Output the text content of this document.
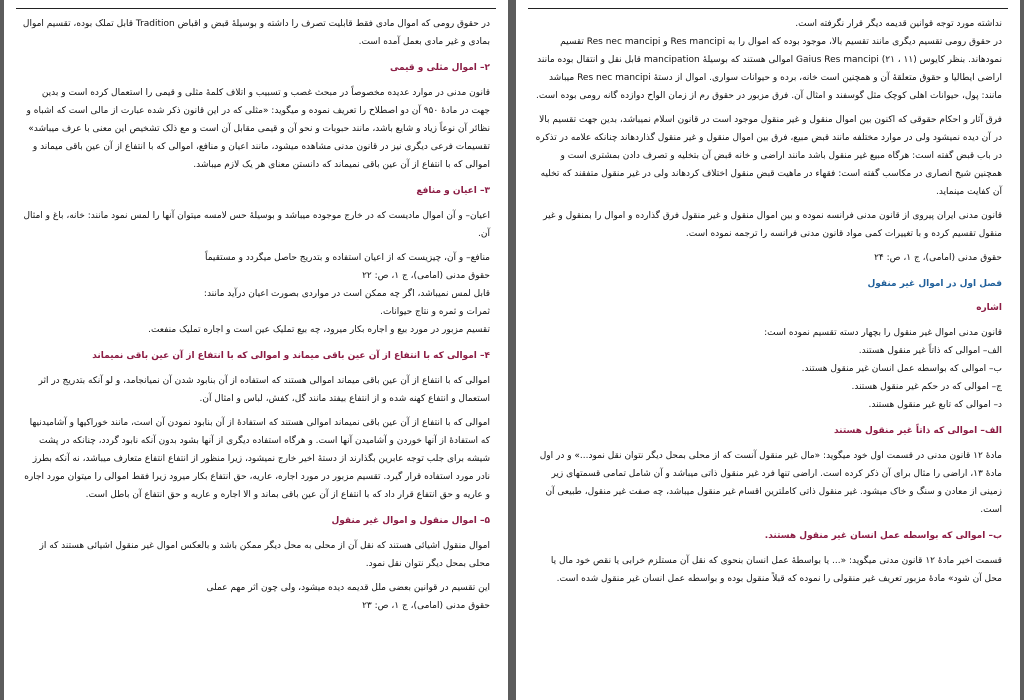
در حقوق رومی که اموال مادی فقط قابلیت تصرف را داشته و بوسیلهٔ قبض و اقباض Tradition قابل تملک بوده، تقسیم اموال بمادی و غیر مادی بعمل آمده است.

۲– اموال مثلی و قیمی

قانون مدنی در موارد عدیده مخصوصاً در مبحث غصب و تسبیب و اتلاف کلمهٔ مثلی و قیمی را استعمال کرده است و بدین جهت در مادهٔ ۹۵۰ آن دو اصطلاح را تعریف نموده و میگوید: «مثلی که در این قانون ذکر شده عبارت از مالی است که اشباه و نظائر آن نوعاً زیاد و شایع باشد، مانند حبوبات و نحو آن و قیمی مقابل آن است و مع ذلک تشخیص این معنی با عرف میباشد» تقسیمات فرعی دیگری نیز در قانون مدنی مشاهده میشود، مانند اعیان و منافع، اموالی که با انتفاع از آن عین باقی میماند و اموالی که با انتفاع از آن عین باقی نمیماند که دانستن معنای هر یک لازم میباشد.

۳– اعیان و منافع

اعیان– و آن اموال مادیست که در خارج موجوده میباشد و بوسیلهٔ حس لامسه میتوان آنها را لمس نمود مانند: خانه، باغ و امثال آن.

منافع– و آن، چیزیست که از اعیان استفاده و بتدریج حاصل میگردد و مستقیماً

حقوق مدنی (امامی)، ج ۱، ص: ۲۲

قابل لمس نمیباشد، اگر چه ممکن است در مواردی بصورت اعیان درآید مانند:

ثمرات و ثمره و نتاج حیوانات.

تقسیم مزبور در مورد بیع و اجاره بکار میرود، چه بیع تملیک عین است و اجاره تملیک منفعت.

۴– اموالی که با انتفاع از آن عین باقی میماند و اموالی که با انتفاع از آن عین باقی نمیماند

اموالی که با انتفاع از آن عین باقی میماند اموالی هستند که استفاده از آن بنابود شدن آن نمیانجامد، و لو آنکه بتدریج در اثر استعمال و انتفاع کهنه شده و از انتفاع بیفتد مانند گل، کفش، لباس و امثال آن.

اموالی که با انتفاع از آن عین باقی نمیماند اموالی هستند که استفادهٔ از آن بنابود نمودن آن است، مانند خوراکیها و آشامیدنیها که استفادهٔ از آنها خوردن و آشامیدن آنها است. و هرگاه استفاده دیگری از آنها بشود بدون آنکه نابود گردد، چنانکه در پشت شیشه برای جلب توجه عابرین بگذارند از دستهٔ اخیر خارج نمیشود، زیرا منظور از انتفاع انتفاع متعارف میباشد، نه آنکه بطرز نادر مورد استفاده قرار گیرد. تقسیم مزبور در مورد اجاره، عاریه، حق انتفاع بکار میرود زیرا فقط اموالی را میتوان مورد اجاره و عاریه و حق انتفاع قرار داد که با انتفاع از آن عین باقی بماند و الا اجاره و عاریه و حق انتفاع آن باطل است.

۵– اموال منقول و اموال غیر منقول

اموال منقول اشیائی هستند که نقل آن از محلی به محل دیگر ممکن باشد و بالعکس اموال غیر منقول اشیائی هستند که از محلی بمحل دیگر نتوان نقل نمود.

این تقسیم در قوانین بعضی ملل قدیمه دیده میشود، ولی چون اثر مهم عملی

حقوق مدنی (امامی)، ج ۱، ص: ۲۳

نداشته مورد توجه قوانین قدیمه دیگر قرار نگرفته است.

در حقوق رومی تقسیم دیگری مانند تقسیم بالا، موجود بوده که اموال را به Res mancipi و Res nec mancipi تقسیم نمودهاند. بنظر کایوس (Gaius Res mancipi (۲۱ ، ۱۱ اموالی هستند که بوسیلهٔ mancipation قابل نقل و انتقال بوده مانند اراضی ایطالیا و حقوق متعلقهٔ آن و همچنین است خانه، برده و حیوانات سواری. اموال از دستهٔ Res nec mancipi میباشد مانند: پول، حیوانات اهلی کوچک مثل گوسفند و امثال آن. فرق مزبور در حقوق رم از زمان الواح دوازده گانه رومی بوده است.

فرق آثار و احکام حقوقی که اکنون بین اموال منقول و غیر منقول موجود است در قانون اسلام نمیباشد، بدین جهت تقسیم بالا در آن دیده نمیشود ولی در موارد مختلفه مانند قبض مبیع، فرق بین اموال منقول و غیر منقول گذاردهاند چنانکه علامه در تذکره در باب قبض گفته است: هرگاه مبیع غیر منقول باشد مانند اراضی و خانه قبض آن بتخلیه و تصرف دادن بمشتری است و همچنین شیخ انصاری در مکاسب گفته است: فقهاء در ماهیت قبض منقول اختلاف کردهاند ولی در غیر منقول متفقند که تخلیه آن کفایت مینماید.

قانون مدنی ایران پیروی از قانون مدنی فرانسه نموده و بین اموال منقول و غیر منقول فرق گذارده و اموال را بمنقول و غیر منقول تقسیم کرده و با تغییرات کمی مواد قانون مدنی فرانسه را ترجمه نموده است.

حقوق مدنی (امامی)، ج ۱، ص: ۲۴

فصل اول در اموال غیر منقول
اشاره

قانون مدنی اموال غیر منقول را بچهار دسته تقسیم نموده است:

الف– اموالی که ذاتاً غیر منقول هستند.

ب– اموالی که بواسطه عمل انسان غیر منقول هستند.

ج– اموالی که در حکم غیر منقول هستند.

د– اموالی که تابع غیر منقول هستند.

الف– اموالی که ذاتاً غیر منقول هستند

مادهٔ ۱۲ قانون مدنی در قسمت اول خود میگوید: «مال غیر منقول آنست که از محلی بمحل دیگر نتوان نقل نمود...» و در اول مادهٔ ۱۳، اراضی را مثال برای آن ذکر کرده است. اراضی تنها فرد غیر منقول ذاتی میباشد و آن شامل تمامی قسمتهای زیر زمینی از معادن و سنگ و خاک میشود. غیر منقول ذاتی کاملترین اقسام غیر منقول میباشد، چه صفت غیر منقول، طبیعی آن است.

ب– اموالی که بواسطه عمل انسان غیر منقول هستند.

قسمت اخیر مادهٔ ۱۲ قانون مدنی میگوید: «... یا بواسطهٔ عمل انسان بنحوی که نقل آن مستلزم خرابی یا نقص خود مال یا محل آن شود» مادهٔ مزبور تعریف غیر منقولی را نموده که قبلاً منقول بوده و بواسطه عمل انسان غیر منقول شده است.
